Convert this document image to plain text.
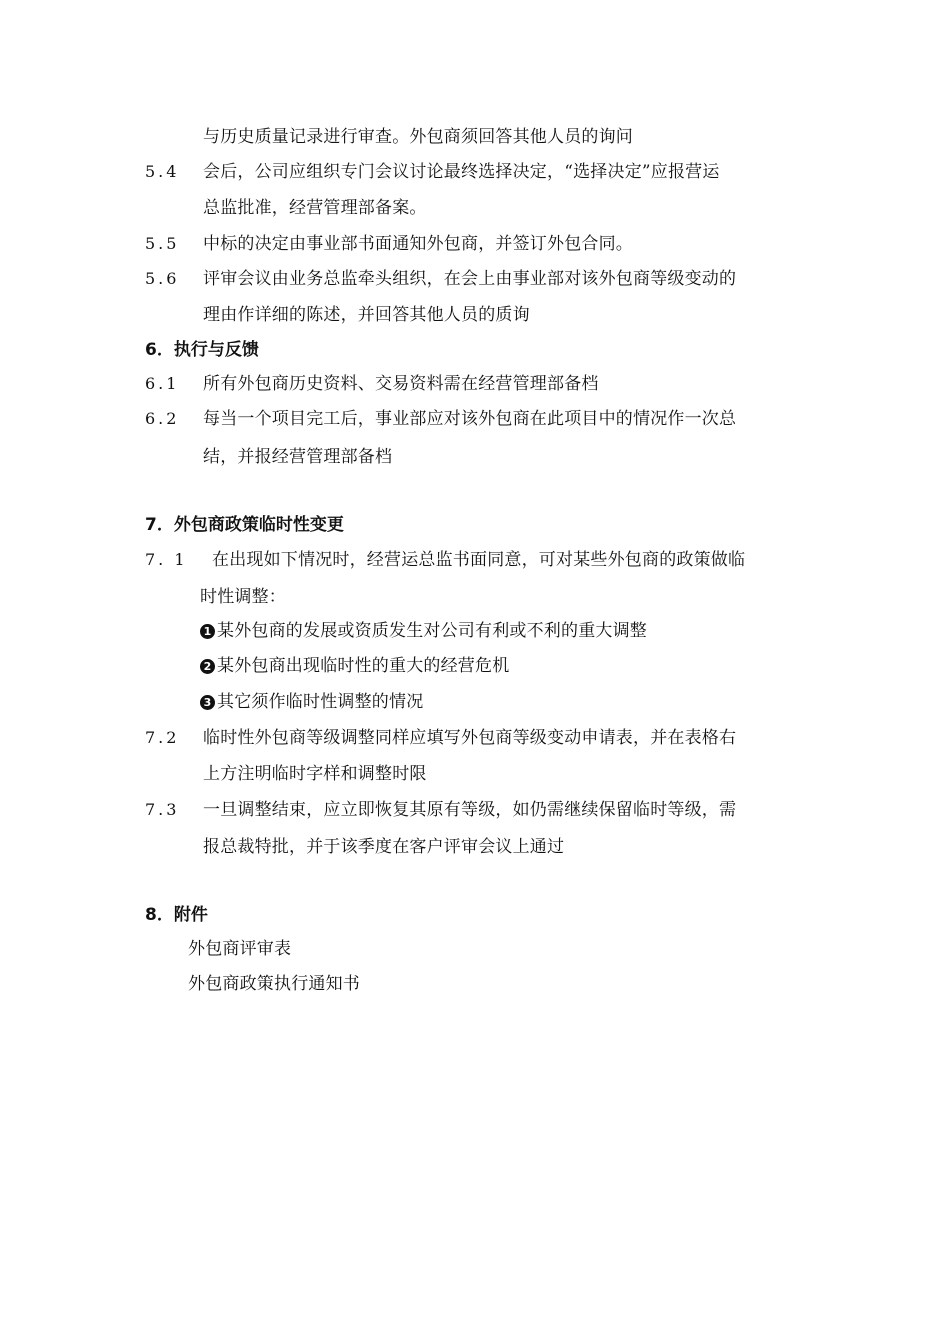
与历史质量记录进行审查。外包商须回答其他人员的询问
5.4 会后，公司应组织专门会议讨论最终选择决定，“选择决定”应报营运
总监批准，经营管理部备案。
5.5 中标的决定由事业部书面通知外包商，并签订外包合同。
5.6 评审会议由业务总监牵头组织，在会上由事业部对该外包商等级变动的
理由作详细的陈述，并回答其他人员的质询
6．执行与反馈
6.1 所有外包商历史资料、交易资料需在经营管理部备档
6.2 每当一个项目完工后，事业部应对该外包商在此项目中的情况作一次总
结，并报经营管理部备档
7．外包商政策临时性变更
7. 1 在出现如下情况时，经营运总监书面同意，可对某些外包商的政策做临
时性调整：
1 某外包商的发展或资质发生对公司有利或不利的重大调整
2 某外包商出现临时性的重大的经营危机
3 其它须作临时性调整的情况
7.2 临时性外包商等级调整同样应填写外包商等级变动申请表，并在表格右
上方注明临时字样和调整时限
7.3 一旦调整结束，应立即恢复其原有等级，如仍需继续保留临时等级，需
报总裁特批，并于该季度在客户评审会议上通过
8．附件
外包商评审表
外包商政策执行通知书
